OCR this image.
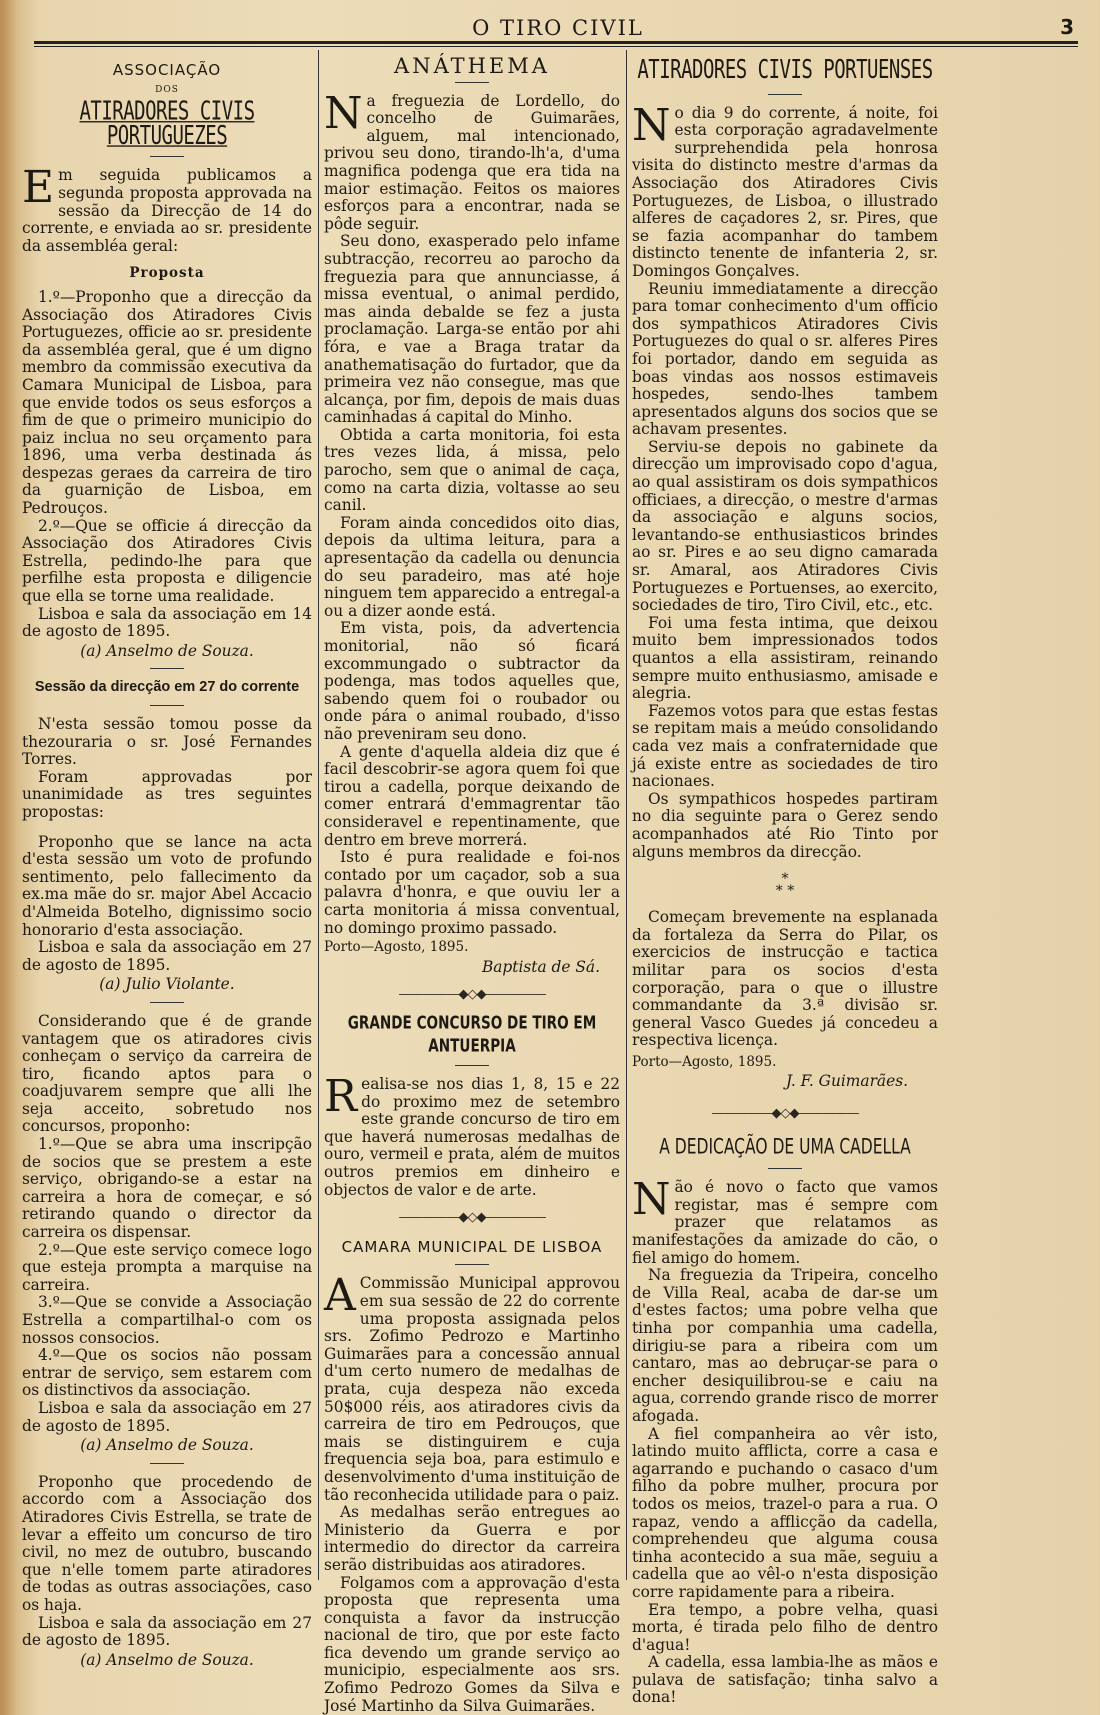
O TIRO CIVIL	3
ASSOCIAÇÃO
DOS
ATIRADORES CIVIS PORTUGUEZES

Em seguida publicamos a segunda proposta approvada na sessão da Direcção de 14 do corrente, e enviada ao sr. presidente da assembléa geral:

Proposta

1.º—Proponho que a direcção da Associação dos Atiradores Civis Portuguezes, officie ao sr. presidente da assembléa geral, que é um digno membro da commissão executiva da Camara Municipal de Lisboa, para que envide todos os seus esforços a fim de que o primeiro municipio do paiz inclua no seu orçamento para 1896, uma verba destinada ás despezas geraes da carreira de tiro da guarnição de Lisboa, em Pedrouços.

2.º—Que se officie á direcção da Associação dos Atiradores Civis Estrella, pedindo-lhe para que perfilhe esta proposta e diligencie que ella se torne uma realidade.

Lisboa e sala da associação em 14 de agosto de 1895.

(a) Anselmo de Souza.
Sessão da direcção em 27 do corrente

N'esta sessão tomou posse da thezouraria o sr. José Fernandes Torres.

Foram approvadas por unanimidade as tres seguintes propostas:

Proponho que se lance na acta d'esta sessão um voto de profundo sentimento, pelo fallecimento da ex.ma mãe do sr. major Abel Accacio d'Almeida Botelho, dignissimo socio honorario d'esta associação.

Lisboa e sala da associação em 27 de agosto de 1895.

(a) Julio Violante.

Considerando que é de grande vantagem que os atiradores civis conheçam o serviço da carreira de tiro, ficando aptos para o coadjuvarem sempre que alli lhe seja acceito, sobretudo nos concursos, proponho:

1.º—Que se abra uma inscripção de socios que se prestem a este serviço, obrigando-se a estar na carreira a hora de começar, e só retirando quando o director da carreira os dispensar.

2.º—Que este serviço comece logo que esteja prompta a marquise na carreira.

3.º—Que se convide a Associação Estrella a compartilhal-o com os nossos consocios.

4.º—Que os socios não possam entrar de serviço, sem estarem com os distinctivos da associação.

Lisboa e sala da associação em 27 de agosto de 1895.

(a) Anselmo de Souza.

Proponho que procedendo de accordo com a Associação dos Atiradores Civis Estrella, se trate de levar a effeito um concurso de tiro civil, no mez de outubro, buscando que n'elle tomem parte atiradores de todas as outras associações, caso os haja.

Lisboa e sala da associação em 27 de agosto de 1895.

(a) Anselmo de Souza.
ANÁTHEMA

Na freguezia de Lordello, do concelho de Guimarães, alguem, mal intencionado, privou seu dono, tirando-lh'a, d'uma magnifica podenga que era tida na maior estimação. Feitos os maiores esforços para a encontrar, nada se pôde seguir.

Seu dono, exasperado pelo infame subtracção, recorreu ao parocho da freguezia para que annunciasse, á missa eventual, o animal perdido, mas ainda debalde se fez a justa proclamação. Larga-se então por ahi fóra, e vae a Braga tratar da anathematisação do furtador, que da primeira vez não consegue, mas que alcança, por fim, depois de mais duas caminhadas á capital do Minho.

Obtida a carta monitoria, foi esta tres vezes lida, á missa, pelo parocho, sem que o animal de caça, como na carta dizia, voltasse ao seu canil.

Foram ainda concedidos oito dias, depois da ultima leitura, para a apresentação da cadella ou denuncia do seu paradeiro, mas até hoje ninguem tem apparecido a entregal-a ou a dizer aonde está.

Em vista, pois, da advertencia monitorial, não só ficará excommungado o subtractor da podenga, mas todos aquelles que, sabendo quem foi o roubador ou onde pára o animal roubado, d'isso não preveniram seu dono.

A gente d'aquella aldeia diz que é facil descobrir-se agora quem foi que tirou a cadella, porque deixando de comer entrará d'emmagrentar tão consideravel e repentinamente, que dentro em breve morrerá.

Isto é pura realidade e foi-nos contado por um caçador, sob a sua palavra d'honra, e que ouviu ler a carta monitoria á missa conventual, no domingo proximo passado.

Porto—Agosto, 1895.

Baptista de Sá.
—————◆◇◆—————
GRANDE CONCURSO DE TIRO EM ANTUERPIA

Realisa-se nos dias 1, 8, 15 e 22 do proximo mez de setembro este grande concurso de tiro em que haverá numerosas medalhas de ouro, vermeil e prata, além de muitos outros premios em dinheiro e objectos de valor e de arte.

—————◆◇◆—————
CAMARA MUNICIPAL DE LISBOA

A Commissão Municipal approvou em sua sessão de 22 do corrente uma proposta assignada pelos srs. Zofimo Pedrozo e Martinho Guimarães para a concessão annual d'um certo numero de medalhas de prata, cuja despeza não exceda 50$000 réis, aos atiradores civis da carreira de tiro em Pedrouços, que mais se distinguirem e cuja frequencia seja boa, para estimulo e desenvolvimento d'uma instituição de tão reconhecida utilidade para o paiz.

As medalhas serão entregues ao Ministerio da Guerra e por intermedio do director da carreira serão distribuidas aos atiradores.

Folgamos com a approvação d'esta proposta que representa uma conquista a favor da instrucção nacional de tiro, que por este facto fica devendo um grande serviço ao municipio, especialmente aos srs. Zofimo Pedrozo Gomes da Silva e José Martinho da Silva Guimarães.

ATIRADORES CIVIS PORTUENSES

No dia 9 do corrente, á noite, foi esta corporação agradavelmente surprehendida pela honrosa visita do distincto mestre d'armas da Associação dos Atiradores Civis Portuguezes, de Lisboa, o illustrado alferes de caçadores 2, sr. Pires, que se fazia acompanhar do tambem distincto tenente de infanteria 2, sr. Domingos Gonçalves.

Reuniu immediatamente a direcção para tomar conhecimento d'um officio dos sympathicos Atiradores Civis Portuguezes do qual o sr. alferes Pires foi portador, dando em seguida as boas vindas aos nossos estimaveis hospedes, sendo-lhes tambem apresentados alguns dos socios que se achavam presentes.

Serviu-se depois no gabinete da direcção um improvisado copo d'agua, ao qual assistiram os dois sympathicos officiaes, a direcção, o mestre d'armas da associação e alguns socios, levantando-se enthusiasticos brindes ao sr. Pires e ao seu digno camarada sr. Amaral, aos Atiradores Civis Portuguezes e Portuenses, ao exercito, sociedades de tiro, Tiro Civil, etc., etc.

Foi uma festa intima, que deixou muito bem impressionados todos quantos a ella assistiram, reinando sempre muito enthusiasmo, amisade e alegria.

Fazemos votos para que estas festas se repitam mais a meúdo consolidando cada vez mais a confraternidade que já existe entre as sociedades de tiro nacionaes.

Os sympathicos hospedes partiram no dia seguinte para o Gerez sendo acompanhados até Rio Tinto por alguns membros da direcção.

*
* *

Começam brevemente na esplanada da fortaleza da Serra do Pilar, os exercicios de instrucção e tactica militar para os socios d'esta corporação, para o que o illustre commandante da 3.ª divisão sr. general Vasco Guedes já concedeu a respectiva licença.

Porto—Agosto, 1895.

J. F. Guimarães.
—————◆◇◆—————
A DEDICAÇÃO DE UMA CADELLA

Não é novo o facto que vamos registar, mas é sempre com prazer que relatamos as manifestações da amizade do cão, o fiel amigo do homem.

Na freguezia da Tripeira, concelho de Villa Real, acaba de dar-se um d'estes factos; uma pobre velha que tinha por companhia uma cadella, dirigiu-se para a ribeira com um cantaro, mas ao debruçar-se para o encher desiquilibrou-se e caiu na agua, correndo grande risco de morrer afogada.

A fiel companheira ao vêr isto, latindo muito afflicta, corre a casa e agarrando e puchando o casaco d'um filho da pobre mulher, procura por todos os meios, trazel-o para a rua. O rapaz, vendo a afflicção da cadella, comprehendeu que alguma cousa tinha acontecido a sua mãe, seguiu a cadella que ao vêl-o n'esta disposição corre rapidamente para a ribeira.

Era tempo, a pobre velha, quasi morta, é tirada pelo filho de dentro d'agua!

A cadella, essa lambia-lhe as mãos e pulava de satisfação; tinha salvo a dona!
